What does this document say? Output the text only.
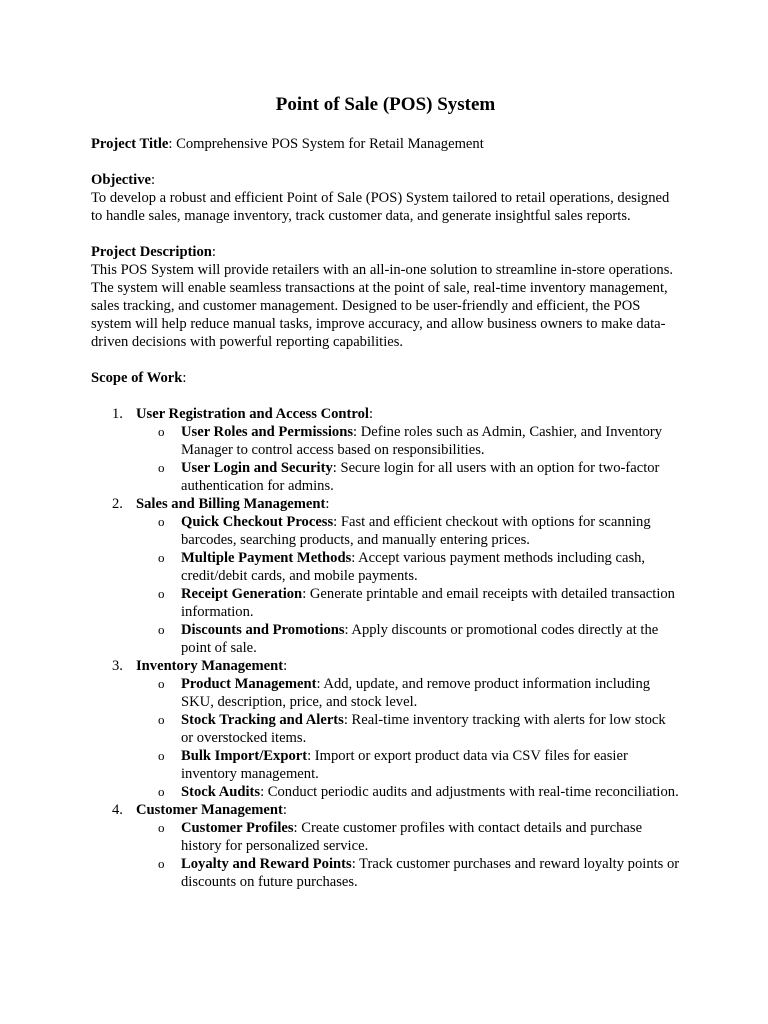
Point of Sale (POS) System

Project Title: Comprehensive POS System for Retail Management

Objective:

To develop a robust and efficient Point of Sale (POS) System tailored to retail operations, designed to handle sales, manage inventory, track customer data, and generate insightful sales reports.

Project Description:

This POS System will provide retailers with an all-in-one solution to streamline in-store operations. The system will enable seamless transactions at the point of sale, real-time inventory management, sales tracking, and customer management. Designed to be user-friendly and efficient, the POS system will help reduce manual tasks, improve accuracy, and allow business owners to make data-driven decisions with powerful reporting capabilities.

Scope of Work:

1. User Registration and Access Control:
o User Roles and Permissions: Define roles such as Admin, Cashier, and Inventory Manager to control access based on responsibilities.
o User Login and Security: Secure login for all users with an option for two-factor authentication for admins.
2. Sales and Billing Management:
o Quick Checkout Process: Fast and efficient checkout with options for scanning barcodes, searching products, and manually entering prices.
o Multiple Payment Methods: Accept various payment methods including cash, credit/debit cards, and mobile payments.
o Receipt Generation: Generate printable and email receipts with detailed transaction information.
o Discounts and Promotions: Apply discounts or promotional codes directly at the point of sale.
3. Inventory Management:
o Product Management: Add, update, and remove product information including SKU, description, price, and stock level.
o Stock Tracking and Alerts: Real-time inventory tracking with alerts for low stock or overstocked items.
o Bulk Import/Export: Import or export product data via CSV files for easier inventory management.
o Stock Audits: Conduct periodic audits and adjustments with real-time reconciliation.
4. Customer Management:
o Customer Profiles: Create customer profiles with contact details and purchase history for personalized service.
o Loyalty and Reward Points: Track customer purchases and reward loyalty points or discounts on future purchases.
